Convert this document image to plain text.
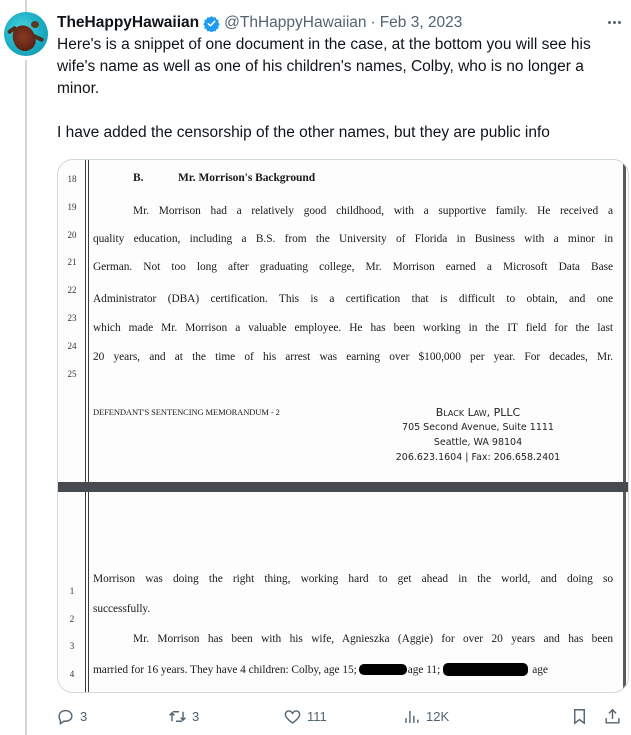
TheHappyHawaiian @ThHappyHawaiian · Feb 3, 2023

Here's is a snippet of one document in the case, at the bottom you will see his wife's name as well as one of his children's names, Colby, who is no longer a minor.

I have added the censorship of the other names, but they are public info

18
19
20
21
22
23
24
25
B.	Mr. Morrison's Background
Mr. Morrison had a relatively good childhood, with a supportive family. He received a
quality education, including a B.S. from the University of Florida in Business with a minor in
German. Not too long after graduating college, Mr. Morrison earned a Microsoft Data Base
Administrator (DBA) certification. This is a certification that is difficult to obtain, and one
which made Mr. Morrison a valuable employee. He has been working in the IT field for the last
20 years, and at the time of his arrest was earning over $100,000 per year. For decades, Mr.
DEFENDANT'S SENTENCING MEMORANDUM - 2	Black Law, PLLC
705 Second Avenue, Suite 1111
Seattle, WA 98104
206.623.1604 | Fax: 206.658.2401
1
2
3
4
Morrison was doing the right thing, working hard to get ahead in the world, and doing so
successfully.
Mr. Morrison has been with his wife, Agnieszka (Aggie) for over 20 years and has been
married for 16 years. They have 4 children: Colby, age 15;	age 11;	age
3	3	111	12K
